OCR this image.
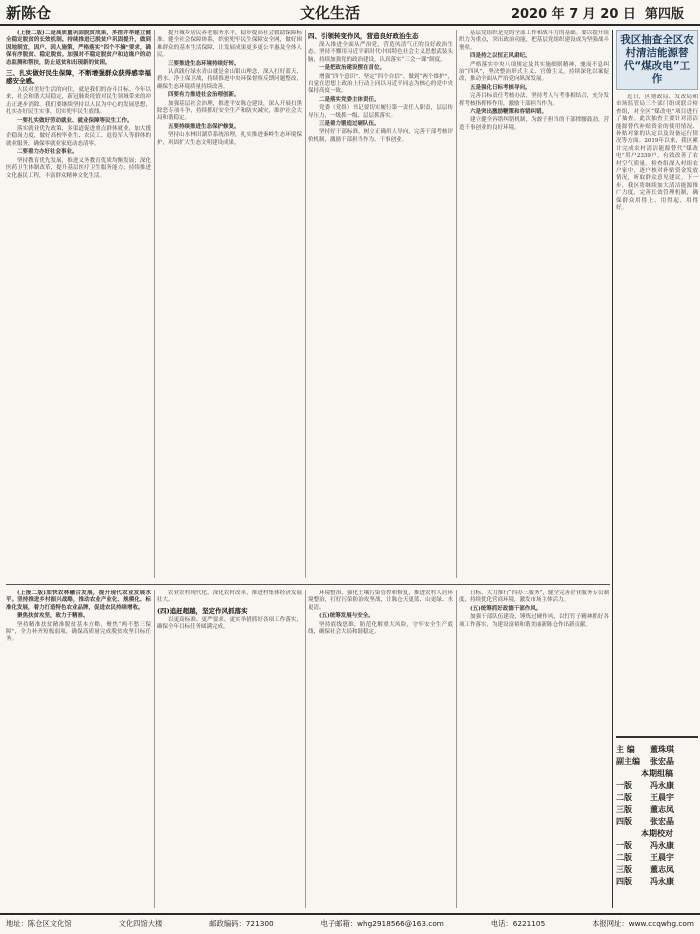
新陈仓	文化生活	2020 年 7 月 20 日 第四版

(上接二版)二是高质量巩固脱贫成果，多措并举建立健全稳定脱贫的长效机制。持续推进已脱贫户巩固提升，做到因地制宜，因户、因人施策，严格落实“四个不摘”要求，确保有序脱贫、稳定脱贫。加强对不稳定脱贫户和边缘户的动态监测和帮扶，防止返贫和出现新的贫困。

三、扎实做好民生保障，不断增强群众获得感幸福感安全感。

人民对美好生活的向往，就是我们的奋斗目标。今年以来，社会和谐大局稳定，新冠肺炎疫情对民生领域带来的冲击正逐步消除。我们要继续坚持以人民为中心的发展思想，扎实办好民生实事，切实兜牢民生底线。

一要扎实做好劳动就业、就业保障等民生工作。

落实就业优先政策，多渠道促进重点群体就业，加大援企稳岗力度，做好高校毕业生、农民工、退役军人等群体的就业服务，确保零就业家庭动态清零。

二要着力办好社会事业。

坚持教育优先发展，推进义务教育优质均衡发展；深化医药卫生体制改革，提升基层医疗卫生服务能力；持续推进文化惠民工程，丰富群众精神文化生活。

提升城乡居民养老服务水平，稳步提高社会救助保障标准。健全社会保障体系，织密兜牢民生保障安全网，做好困难群众的基本生活保障，让发展成果更多更公平惠及全体人民。

三要推进生态环境持续好转。

认真践行绿水青山就是金山银山理念，深入打好蓝天、碧水、净土保卫战，持续推进中央环保督察反馈问题整改，确保生态环境质量持续改善。

四要有力推进社会治理创新。

加强基层社会治理，推进平安陈仓建设，深入开展扫黑除恶专项斗争，持续抓好安全生产和防灾减灾，维护社会大局和谐稳定。

五要持续推进生态保护修复。

坚持山水林田湖草系统治理，扎实推进秦岭生态环境保护，巩固扩大生态文明建设成果。

四、引领转变作风，营造良好政治生态

深入推进全面从严治党，营造风清气正的良好政治生态。坚持不懈用习近平新时代中国特色社会主义思想武装头脑，持续加强党的政治建设，认真落实“三会一课”制度。

一是把政治建设摆在首位。

增强“四个意识”、坚定“四个自信”、做到“两个维护”，自觉在思想上政治上行动上同以习近平同志为核心的党中央保持高度一致。

二是落实党委主体责任。

党委（党组）书记要切实履行第一责任人职责，层层传导压力，一级抓一级、层层抓落实。

三是着力锻造过硬队伍。

坚持好干部标准，树立正确用人导向，完善干部考核评价机制，激励干部担当作为、干事创业。

基层党组织是党的全部工作和战斗力的基础。要以提升组织力为重点，突出政治功能，把基层党组织建设成为坚强战斗堡垒。

四是持之以恒正风肃纪。

严格落实中央八项规定及其实施细则精神，驰而不息纠治“四风”，坚决整治形式主义、官僚主义，持续深化以案促改，推动全面从严治党向纵深发展。

五是强化日标考核导向。

完善目标责任考核办法，坚持考人与考事相结合，充分发挥考核指挥棒作用，激励干部担当作为。

六是突出激励鞭策和容错纠错。

建立健全容错纠错机制，为敢于担当的干部撑腰鼓劲，营造干事创业的良好环境。

(上接二版)加快农林融合发展，提升现代农业发展水平。坚持推进乡村振兴战略，推动农业产业化、规模化、标准化发展，着力打造特色农业品牌，促进农民持续增收。

聚焦扶贫攻坚，致力于精准。

坚持精准扶贫精准脱贫基本方略，聚焦“两不愁三保障”，全力补齐短板弱项，确保高质量完成脱贫攻坚目标任务。

农业农村现代化，深化农村改革，推进村集体经济发展壮大。

(四)追赶超越，坚定作风抓落实

以更高标准、更严要求、更实举措抓好各项工作落实，确保全年目标任务圆满完成。

环境整治、强化土壤污染管控和修复，推进农村人居环境整治，打好污染防治攻坚战，让陈仓天更蓝、山更绿、水更清。

(五)统筹发展与安全。

坚持底线思维，防范化解重大风险，守牢安全生产底线，确保社会大局和谐稳定。

日标，大力推行“四办三服务”，健全完善企业服务专员制度，持续优化营商环境，激发市场主体活力。

(五)统筹抓好政德干部作风。

加强干部队伍建设，锤炼过硬作风，以钉钉子精神抓好各项工作落实，为建设富裕和谐美丽新陈仓作出新贡献。

我区抽查全区农村清洁能源替代“煤改电”工作

近日，区财政局、发改局和市场监管局三个部门组成联合检查组，对全区“煤改电”项目进行了抽查。此次抽查主要针对清洁能源替代补贴资金的使用情况、补贴对象的认定以及设备运行情况等方面。2019年以来，我区累计完成农村清洁能源替代“煤改电”用户2339户，有效改善了农村空气质量。检查组深入村组农户家中，逐户核对补贴资金发放情况，听取群众意见建议。下一步，我区将继续加大清洁能源推广力度，完善长效管理机制，确保群众用得上、用得起、用得好。

主 编	董珠琪
副主编	张宏晶
本期组稿
一版	冯永康
二版	王晨宇
三版	董志凤
四版	张宏晶
本期校对
一版	冯永康
二版	王晨宇
三版	董志凤
四版	冯永康
地址：陈仓区文化馆	文化四馆大楼	邮政编码：721300	电子邮箱：whg2918566@163.com	电话：6221105	本报网址：www.ccqwhg.com
